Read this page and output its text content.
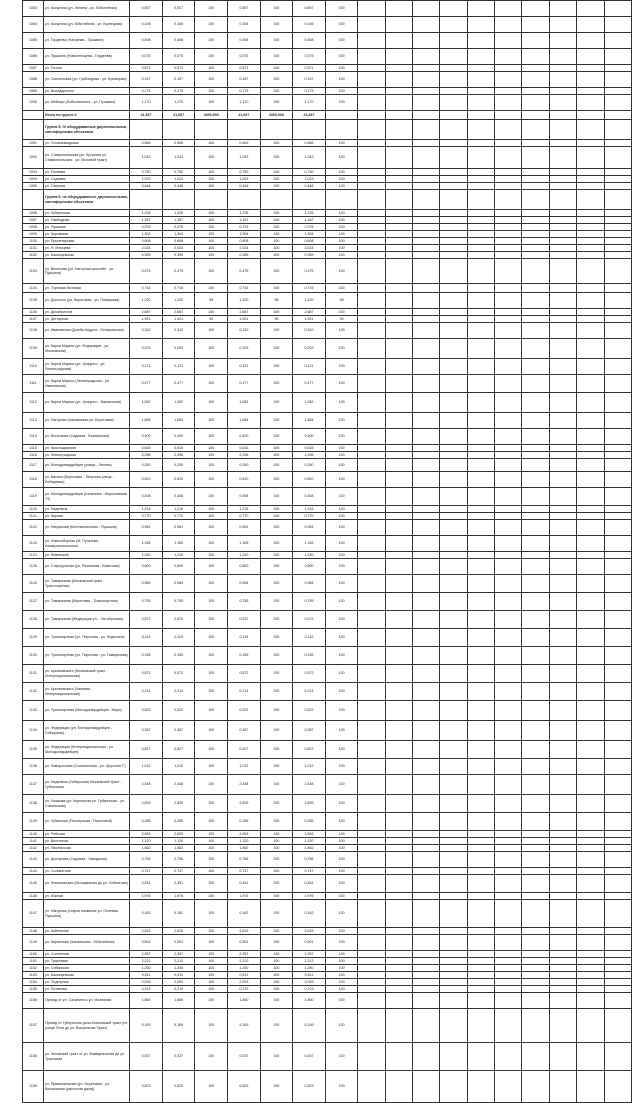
1083	ул. Косыгина (ул. Ленина - ул. Юбилейная)	0,607	0,607	100	0,607	100	0,607	100										
1084	ул. Косыгина (ул. Юбилейная - ул. Кузнецова)	0,106	0,106	100	0,106	100	0,106	100										
1085	ул. Гордеева (Нагорная - Пушкина)	0,408	0,408	100	0,408	100	0,408	100										
1086	ул. Пушкина (Новосельцева - Гордеева)	0,075	0,075	100	0,075	100	0,075	100										
1087	ул. Гоголя	0,571	0,571	100	0,571	100	0,571	100										
1088	ул. Смоленская (ул. Грибоедова - ул. Кузнецова)	0,167	0,167	100	0,167	100	0,167	100										
1089	ул. Володарского	0,175	0,175	100	0,175	100	0,175	100										
1090	ул. Мейнцы (Бобылинского - ул. Пушкина)	1,170	1,170	100	1,170	100	1,170	100										
	Итого по группе 4	21,667	21,667	3300,000	21,667	3300,000	21,667											
	Группа 5: IV оборудованные двухполосными, светофорными объектами																	
1091	ул. Оловозаводская	0,565	0,565	100	0,565	100	0,565	100										
1092	ул. Ставропольская (ул. Кутузова ул. Ставропольская - ул. Моховой тракт)	1,043	1,043	100	1,043	100	1,043	100										
1093	ул. Полевая	0,750	0,750	100	0,750	100	0,750	100										
1094	ул. Садовая	1,023	1,023	100	1,023	100	1,023	100										
1095	ул. Озерная	0,446	0,446	100	0,446	100	0,446	100										
	Группа 6: не оборудованные двухполосными, светофорными объектами																	
1096	ул. Губернская	1,226	1,226	100	1,226	100	1,226	100										
1097	ул. Свободная	1,167	1,167	100	1,167	100	1,167	100										
1098	ул. Пушкина	0,376	0,376	100	0,376	100	0,376	100										
1099	ул. Кировская	1,304	1,304	100	1,304	100	1,304	100										
1100	ул. Пролетарская	0,608	0,608	100	0,608	100	0,608	100										
1101	ул. Я. Мерцева	2,024	2,024	100	2,024	100	2,024	100										
1102	ул. Бакинцевская	0,359	0,359	100	0,359	100	0,359	100										
1103	ул. Веселова (ул. Нагорная шоссейн - ул. Пушкина)	0,475	0,475	100	0,475	100	0,475	100										
1104	ул. Торговая бытовая	0,716	0,716	100	0,716	100	0,716	100										
1105	ул. Донского (ул. Береговая - ул. Поварская)	1,220	1,220	98	1,220	98	1,220	98										
1106	ул. Декабристов	2,687	2,687	100	2,687	100	2,687	100										
1107	ул. Дегтярная	1,921	1,921	90	1,921	90	1,921	90										
1108	ул. Ивановская (Дзюба Андрея - Осташевская)	0,310	0,310	100	0,310	100	0,310	100										
1109	ул. Карла Маркса (ул. Федерации - ул. Московская)	0,203	0,203	100	0,203	100	0,203	100										
1110	ул. Карла Маркса (ул. Урицкого - ул. Ленинградская)	0,121	0,121	100	0,121	100	0,121	100										
1111	ул. Карла Маркса (Ленинградская - ул. Ивановская)	0,477	0,477	100	0,477	100	0,477	100										
1112	ул. Карла Маркса (ул. Урицкого - Вакзальная)	1,052	1,052	100	1,052	100	1,052	100										
1113	ул. Нагорная (Чапаевская ул. Береговая)	1,684	1,684	100	1,684	100	1,684	100										
1114	ул. Восстания (Садовая - Вокзальная)	0,400	0,400	100	0,400	100	0,400	100										
1115	ул. Краснодарская	0,615	0,615	100	0,615	100	0,615	100										
1116	ул. Ленинградская	2,296	2,296	100	2,296	100	2,296	100										
1117	ул. Молодогвардейцев (улица - Лесная)	0,250	0,250	100	0,250	100	0,250	100										
1118	ул. Вагина (Береговая - Тверская улица - Лебедевая)	0,810	0,810	100	0,810	100	0,810	100										
1119	ул. Молодогвардейцев (Калинина - Мироновская 73)	0,408	0,408	100	0,408	100	0,408	100										
1120	ул. Неделина	1,216	1,216	100	1,216	100	1,216	100										
1121	ул. Кирова	0,770	0,770	100	0,770	100	0,770	100										
1122	ул. Некрасова (Котельническая - Пушкина)	0,961	0,961	100	0,961	100	0,961	100										
1123	ул. Новособорная (М. Пугачева - Коммунистическая)	1,165	1,165	100	1,165	100	1,165	100										
1124	ул. Левенской	1,240	1,240	100	1,240	100	1,240	100										
1125	ул. Старорусская (ул. Рязанская - Бакалова)	0,800	0,800	100	0,800	100	0,800	100										
1126	ул. Тимирязева (Московский тракт - Транспортная)	0,984	0,984	100	0,984	100	0,984	100										
1127	ул. Тимирязева (Береговая - Транспортная)	0,755	0,755	100	0,755	100	0,755	100										
1128	ул. Тимирязева (Федерации ул. - Октябрьская)	0,572	0,572	100	0,572	100	0,572	100										
1129	ул. Транспортная (ул. Пирогова - ул. Неделина)	0,119	0,119	100	0,119	100	0,119	100										
1130	ул. Транспортная (ул. Пирогова - ул. Тимирязева)	0,155	0,155	100	0,155	100	0,155	100										
1131	ул. Циолковского (Московский тракт - Интернациональная)	0,572	0,572	100	0,572	100	0,572	100										
1132	ул. Циолковского (Чапаева - Интернациональная)	0,214	0,214	100	0,214	100	0,214	100										
1133	ул. Транспортная (Молодогвардейцев - Мира)	0,522	0,522	100	0,522	100	0,522	100										
1134	ул. Федерации (ул. Молодогвардейцев - Сибирская)	0,367	0,367	100	0,367	100	0,367	100										
1135	ул. Федерации (Интернациональная - ул. Молодогвардейцев)	0,627	0,627	100	0,627	100	0,627	100										
1136	ул. Новоросская (Сахалинская - ул. Щорсина Т.)	1,012	1,012	100	1,012	100	1,012	100										
1137	ул. Неделина (Сибирская) Московский тракт - Губернская	2,448	2,448	100	2,448	100	2,448	100										
1138	ул. Ушакова (ул. Кирпичная ул. Губернская - ул. Сокольская)	2,839	2,839	100	2,839	100	2,839	100										
1139	ул. Губанская (Пионерская - Пироговой)	0,285	0,285	100	0,285	100	0,285	100										
1140	ул. Рабочая	2,653	2,653	100	2,653	100	2,653	100										
1141	ул. Восточная	1,120	1,120	100	1,120	100	1,120	100										
1142	ул. Пионерская	1,562	1,562	100	1,562	100	1,562	100										
1143	ул. Дектярева (Садовая - Заводская)	0,756	0,756	100	0,756	100	0,756	100										
1144	ул. Силикатная	0,747	0,747	100	0,747	100	0,747	100										
1145	ул. Флешковская (Молодежная до ул. Сиблагова)	0,451	0,451	100	0,451	100	0,451	100										
1146	ул. Южная	1,976	1,976	100	1,976	100	1,976	100										
1147	ул. Нагорная (старое название ул. Полевая Пушкина)	0,162	0,162	100	0,162	100	0,162	100										
1148	ул. Кабельная	2,615	2,615	100	2,615	100	2,615	100										
1149	ул. Кирпичная (Чапаевская - Юбилейная)	0,501	0,501	100	0,501	100	0,501	100										
1150	ул. Солнечная	2,357	2,357	100	2,357	100	2,357	100										
1151	ул. Трактовая	2,212	2,212	100	2,212	100	2,212	100										
1152	ул. Сибирская	1,250	1,250	100	1,250	100	1,250	100										
1153	ул. Бакинцевская	0,511	0,511	100	0,511	100	0,511	100										
1154	ул. Подгорная	2,093	2,093	100	2,093	100	2,093	100										
1155	ул. Потапова	0,219	0,219	100	0,219	100	0,219	100										
1156	Проезд от ул. Сахалина к ул. Малахова	1,860	1,860	100	1,860	100	1,860	100										
1157	Проезд от Губернская дача Московский тракт (по улице Пяти до ул. Вокзальная Тупик)	5,169	5,169	100	5,169	100	5,169	100										
1158	ул. Чеховский тракт от ул. Коммунальная до ул. Трактовая	0,537	0,537	100	0,537	100	0,537	100										
1159	ул. Привокзальная (ул. Береговая - ул. Вокзальная (рыночная дача))	0,823	0,823	100	0,823	100	0,823	100										
